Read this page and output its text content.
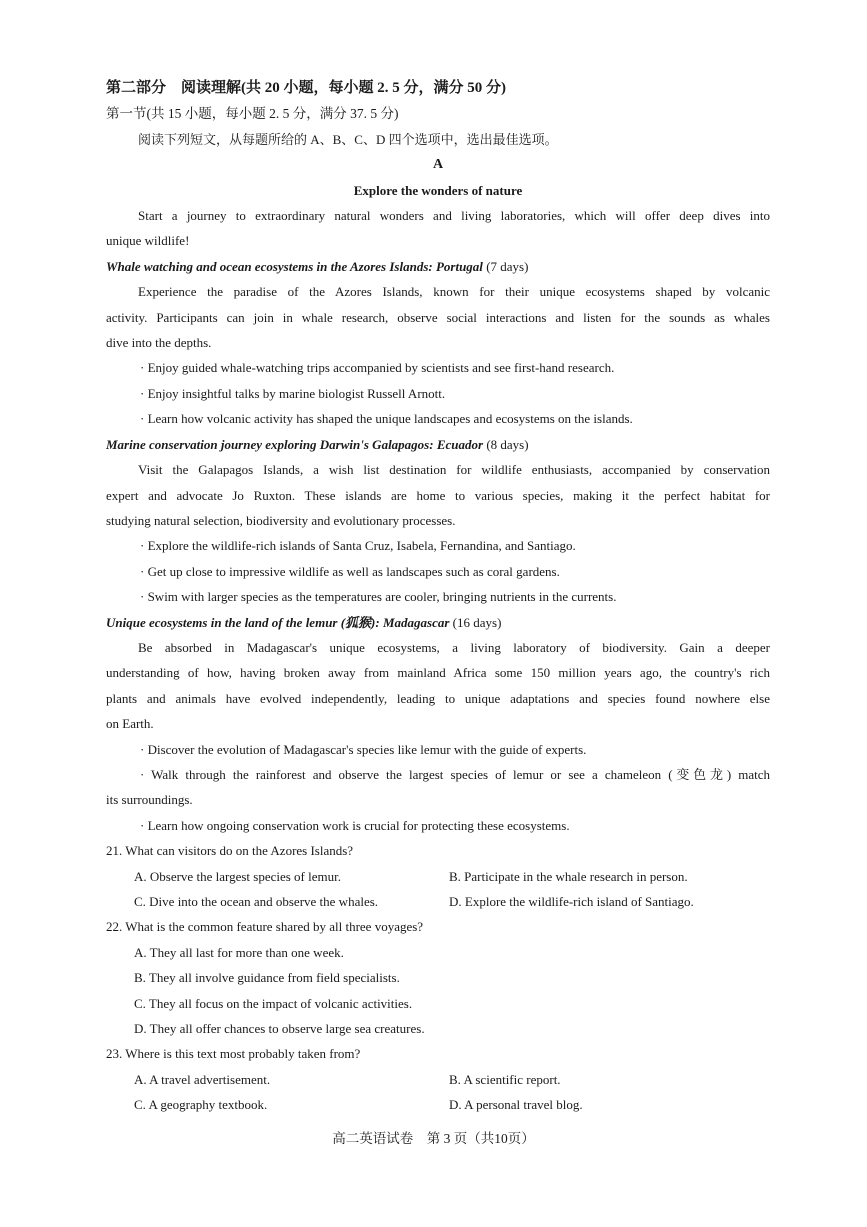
第二部分　阅读理解(共 20 小题，每小题 2. 5 分，满分 50 分)
第一节(共 15 小题，每小题 2. 5 分，满分 37. 5 分)
阅读下列短文，从每题所给的 A、B、C、D 四个选项中，选出最佳选项。
A
Explore the wonders of nature
Start a journey to extraordinary natural wonders and living laboratories, which will offer deep dives into
unique wildlife!
Whale watching and ocean ecosystems in the Azores Islands: Portugal (7 days)
Experience the paradise of the Azores Islands, known for their unique ecosystems shaped by volcanic
activity. Participants can join in whale research, observe social interactions and listen for the sounds as whales
dive into the depths.
· Enjoy guided whale-watching trips accompanied by scientists and see first-hand research.
· Enjoy insightful talks by marine biologist Russell Arnott.
· Learn how volcanic activity has shaped the unique landscapes and ecosystems on the islands.
Marine conservation journey exploring Darwin's Galapagos: Ecuador (8 days)
Visit the Galapagos Islands, a wish list destination for wildlife enthusiasts, accompanied by conservation
expert and advocate Jo Ruxton. These islands are home to various species, making it the perfect habitat for
studying natural selection, biodiversity and evolutionary processes.
· Explore the wildlife-rich islands of Santa Cruz, Isabela, Fernandina, and Santiago.
· Get up close to impressive wildlife as well as landscapes such as coral gardens.
· Swim with larger species as the temperatures are cooler, bringing nutrients in the currents.
Unique ecosystems in the land of the lemur (狐猴): Madagascar (16 days)
Be absorbed in Madagascar's unique ecosystems, a living laboratory of biodiversity. Gain a deeper
understanding of how, having broken away from mainland Africa some 150 million years ago, the country's rich
plants and animals have evolved independently, leading to unique adaptations and species found nowhere else
on Earth.
· Discover the evolution of Madagascar's species like lemur with the guide of experts.
· Walk through the rainforest and observe the largest species of lemur or see a chameleon (变色龙) match
its surroundings.
· Learn how ongoing conservation work is crucial for protecting these ecosystems.
21. What can visitors do on the Azores Islands?
A. Observe the largest species of lemur.	B. Participate in the whale research in person.
C. Dive into the ocean and observe the whales.	D. Explore the wildlife-rich island of Santiago.
22. What is the common feature shared by all three voyages?
A. They all last for more than one week.
B. They all involve guidance from field specialists.
C. They all focus on the impact of volcanic activities.
D. They all offer chances to observe large sea creatures.
23. Where is this text most probably taken from?
A. A travel advertisement.	B. A scientific report.
C. A geography textbook.	D. A personal travel blog.
高二英语试卷　第 3 页（共10页）
